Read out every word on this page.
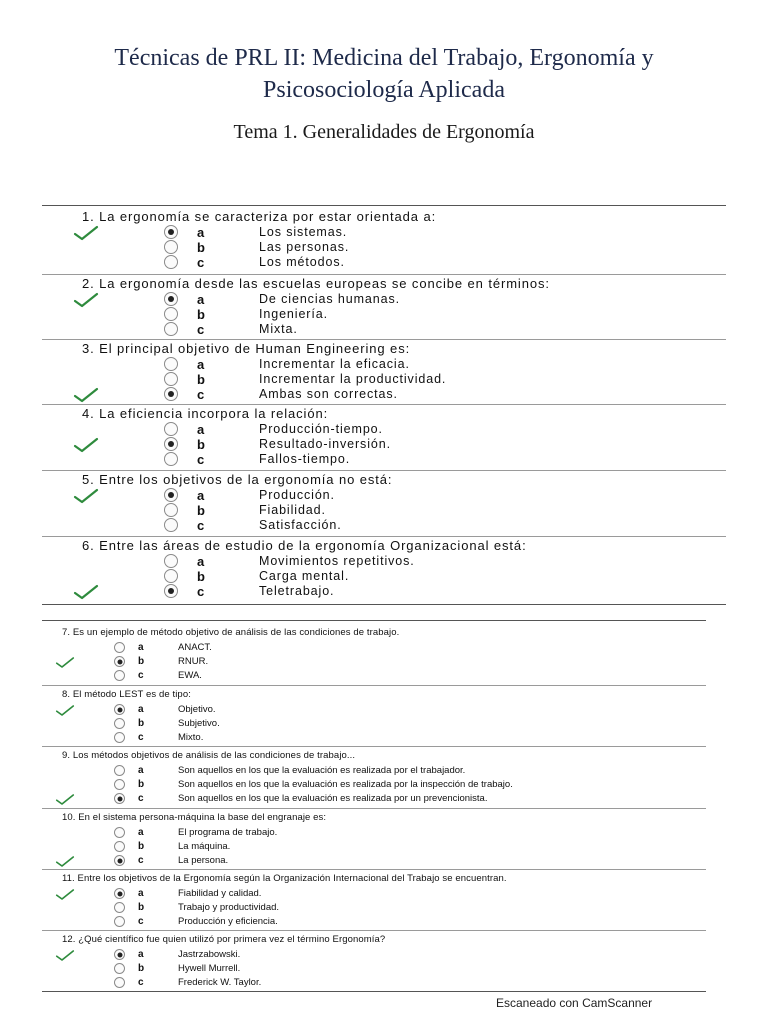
Técnicas de PRL II: Medicina del Trabajo, Ergonomía y
Psicosociología Aplicada
Tema 1. Generalidades de Ergonomía
1. La ergonomía se caracteriza por estar orientada a:
a	Los sistemas.
b	Las personas.
c	Los métodos.
2. La ergonomía desde las escuelas europeas se concibe en términos:
a	De ciencias humanas.
b	Ingeniería.
c	Mixta.
3. El principal objetivo de Human Engineering es:
a	Incrementar la eficacia.
b	Incrementar la productividad.
c	Ambas son correctas.
4. La eficiencia incorpora la relación:
a	Producción-tiempo.
b	Resultado-inversión.
c	Fallos-tiempo.
5. Entre los objetivos de la ergonomía no está:
a	Producción.
b	Fiabilidad.
c	Satisfacción.
6. Entre las áreas de estudio de la ergonomía Organizacional está:
a	Movimientos repetitivos.
b	Carga mental.
c	Teletrabajo.
7. Es un ejemplo de método objetivo de análisis de las condiciones de trabajo.
a	ANACT.
b	RNUR.
c	EWA.
8. El método LEST es de tipo:
a	Objetivo.
b	Subjetivo.
c	Mixto.
9. Los métodos objetivos de análisis de las condiciones de trabajo...
a	Son aquellos en los que la evaluación es realizada por el trabajador.
b	Son aquellos en los que la evaluación es realizada por la inspección de trabajo.
c	Son aquellos en los que la evaluación es realizada por un prevencionista.
10. En el sistema persona-máquina la base del engranaje es:
a	El programa de trabajo.
b	La máquina.
c	La persona.
11. Entre los objetivos de la Ergonomía según la Organización Internacional del Trabajo se encuentran.
a	Fiabilidad y calidad.
b	Trabajo y productividad.
c	Producción y eficiencia.
12. ¿Qué científico fue quien utilizó por primera vez el término Ergonomía?
a	Jastrzabowski.
b	Hywell Murrell.
c	Frederick W. Taylor.
Escaneado con CamScanner
